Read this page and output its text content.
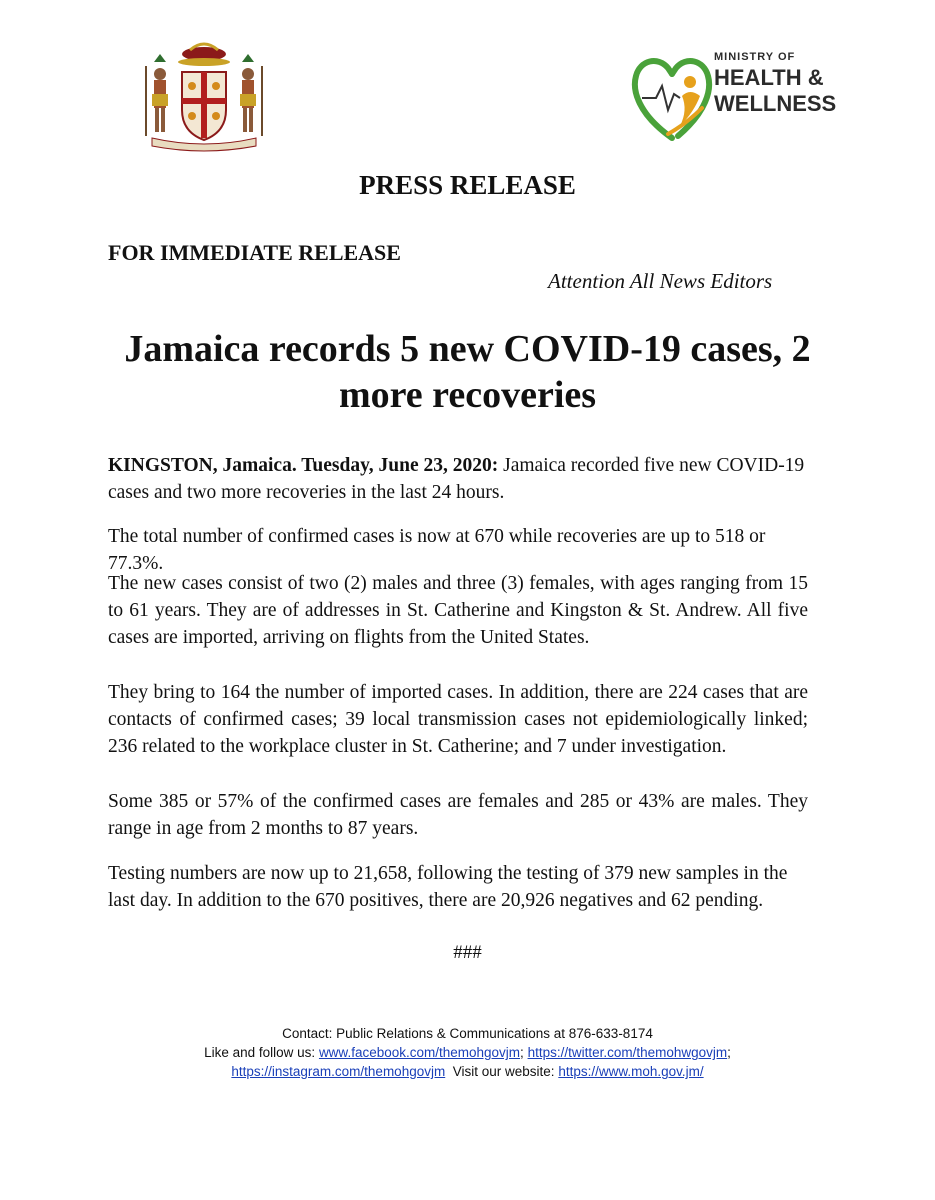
MINISTRY OF
HEALTH &
WELLNESS
PRESS RELEASE
FOR IMMEDIATE RELEASE
Attention All News Editors
Jamaica records 5 new COVID-19 cases, 2
more recoveries

KINGSTON, Jamaica. Tuesday, June 23, 2020: Jamaica recorded five new COVID-19 cases and two more recoveries in the last 24 hours.

The total number of confirmed cases is now at 670 while recoveries are up to 518 or 77.3%.

The new cases consist of two (2) males and three (3) females, with ages ranging from 15 to 61 years. They are of addresses in St. Catherine and Kingston & St. Andrew. All five cases are imported, arriving on flights from the United States.

They bring to 164 the number of imported cases. In addition, there are 224 cases that are contacts of confirmed cases; 39 local transmission cases not epidemiologically linked; 236 related to the workplace cluster in St. Catherine; and 7 under investigation.

Some 385 or 57% of the confirmed cases are females and 285 or 43% are males. They range in age from 2 months to 87 years.

Testing numbers are now up to 21,658, following the testing of 379 new samples in the last day. In addition to the 670 positives, there are 20,926 negatives and 62 pending.

###
Contact: Public Relations & Communications at 876-633-8174
Like and follow us: www.facebook.com/themohgovjm; https://twitter.com/themohwgovjm;
https://instagram.com/themohgovjm Visit our website: https://www.moh.gov.jm/
